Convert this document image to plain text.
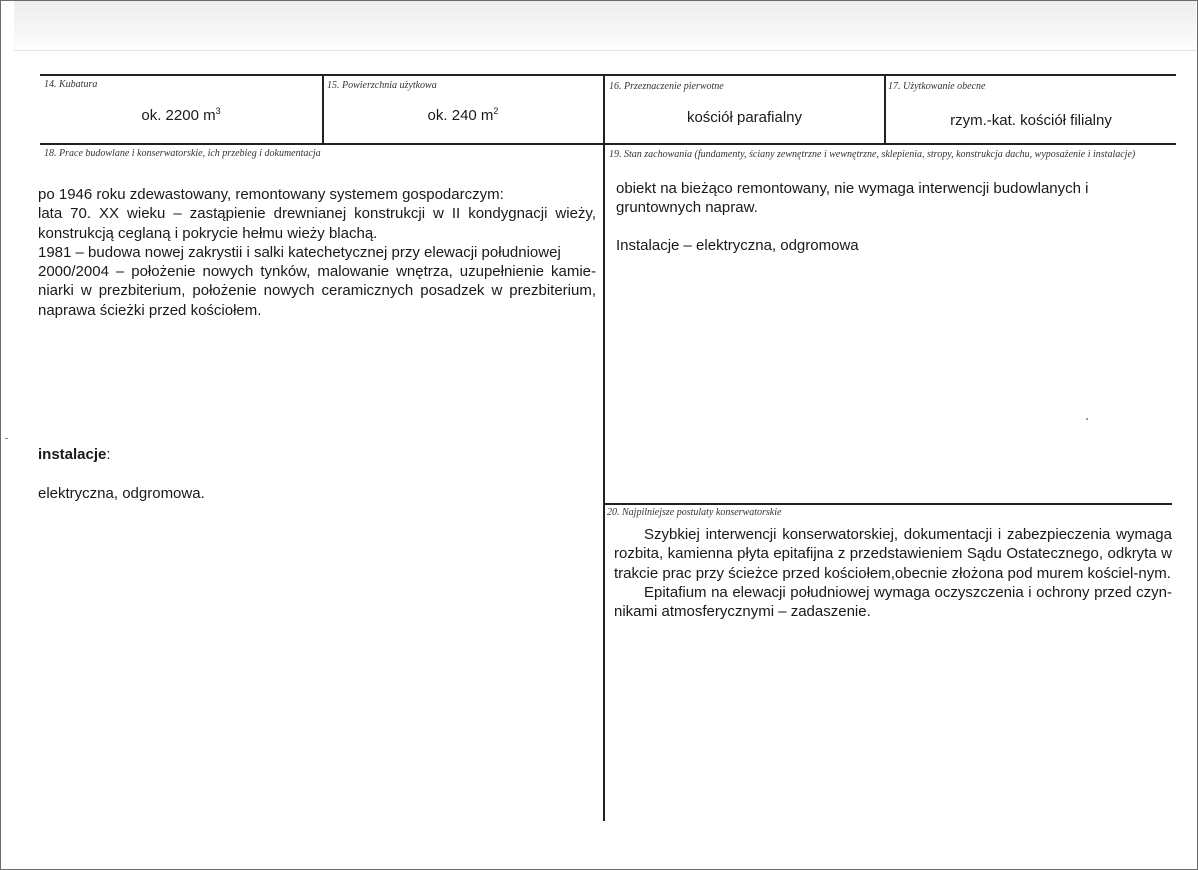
14. Kubatura
ok. 2200 $m^3$
15. Powierzchnia użytkowa
ok. 240 $m^2$
16. Przeznaczenie pierwotne
kościół parafialny
17. Użytkowanie obecne
rzym.-kat. kościół filialny
18. Prace budowlane i konserwatorskie, ich przebieg i dokumentacja

po 1946 roku zdewastowany, remontowany systemem gospodarczym:

lata 70. XX wieku – zastąpienie drewnianej konstrukcji w II kondygnacji wieży, konstrukcją ceglaną i pokrycie hełmu wieży blachą.

1981 – budowa nowej zakrystii i salki katechetycznej przy elewacji południowej

2000/2004 – położenie nowych tynków, malowanie wnętrza, uzupełnienie kamie-niarki w prezbiterium, położenie nowych ceramicznych posadzek w prezbiterium, naprawa ścieżki przed kościołem.

instalacje:
elektryczna, odgromowa.
19. Stan zachowania (fundamenty, ściany zewnętrzne i wewnętrzne, sklepienia, stropy, konstrukcja dachu, wyposażenie i instalacje)

obiekt na bieżąco remontowany, nie wymaga interwencji budowlanych i gruntownych napraw.

Instalacje – elektryczna, odgromowa

20. Najpilniejsze postulaty konserwatorskie

Szybkiej interwencji konserwatorskiej, dokumentacji i zabezpieczenia wymaga rozbita, kamienna płyta epitafijna z przedstawieniem Sądu Ostatecznego, odkryta w trakcie prac przy ścieżce przed kościołem,obecnie złożona pod murem kościel-nym.

Epitafium na elewacji południowej wymaga oczyszczenia i ochrony przed czyn-nikami atmosferycznymi – zadaszenie.
